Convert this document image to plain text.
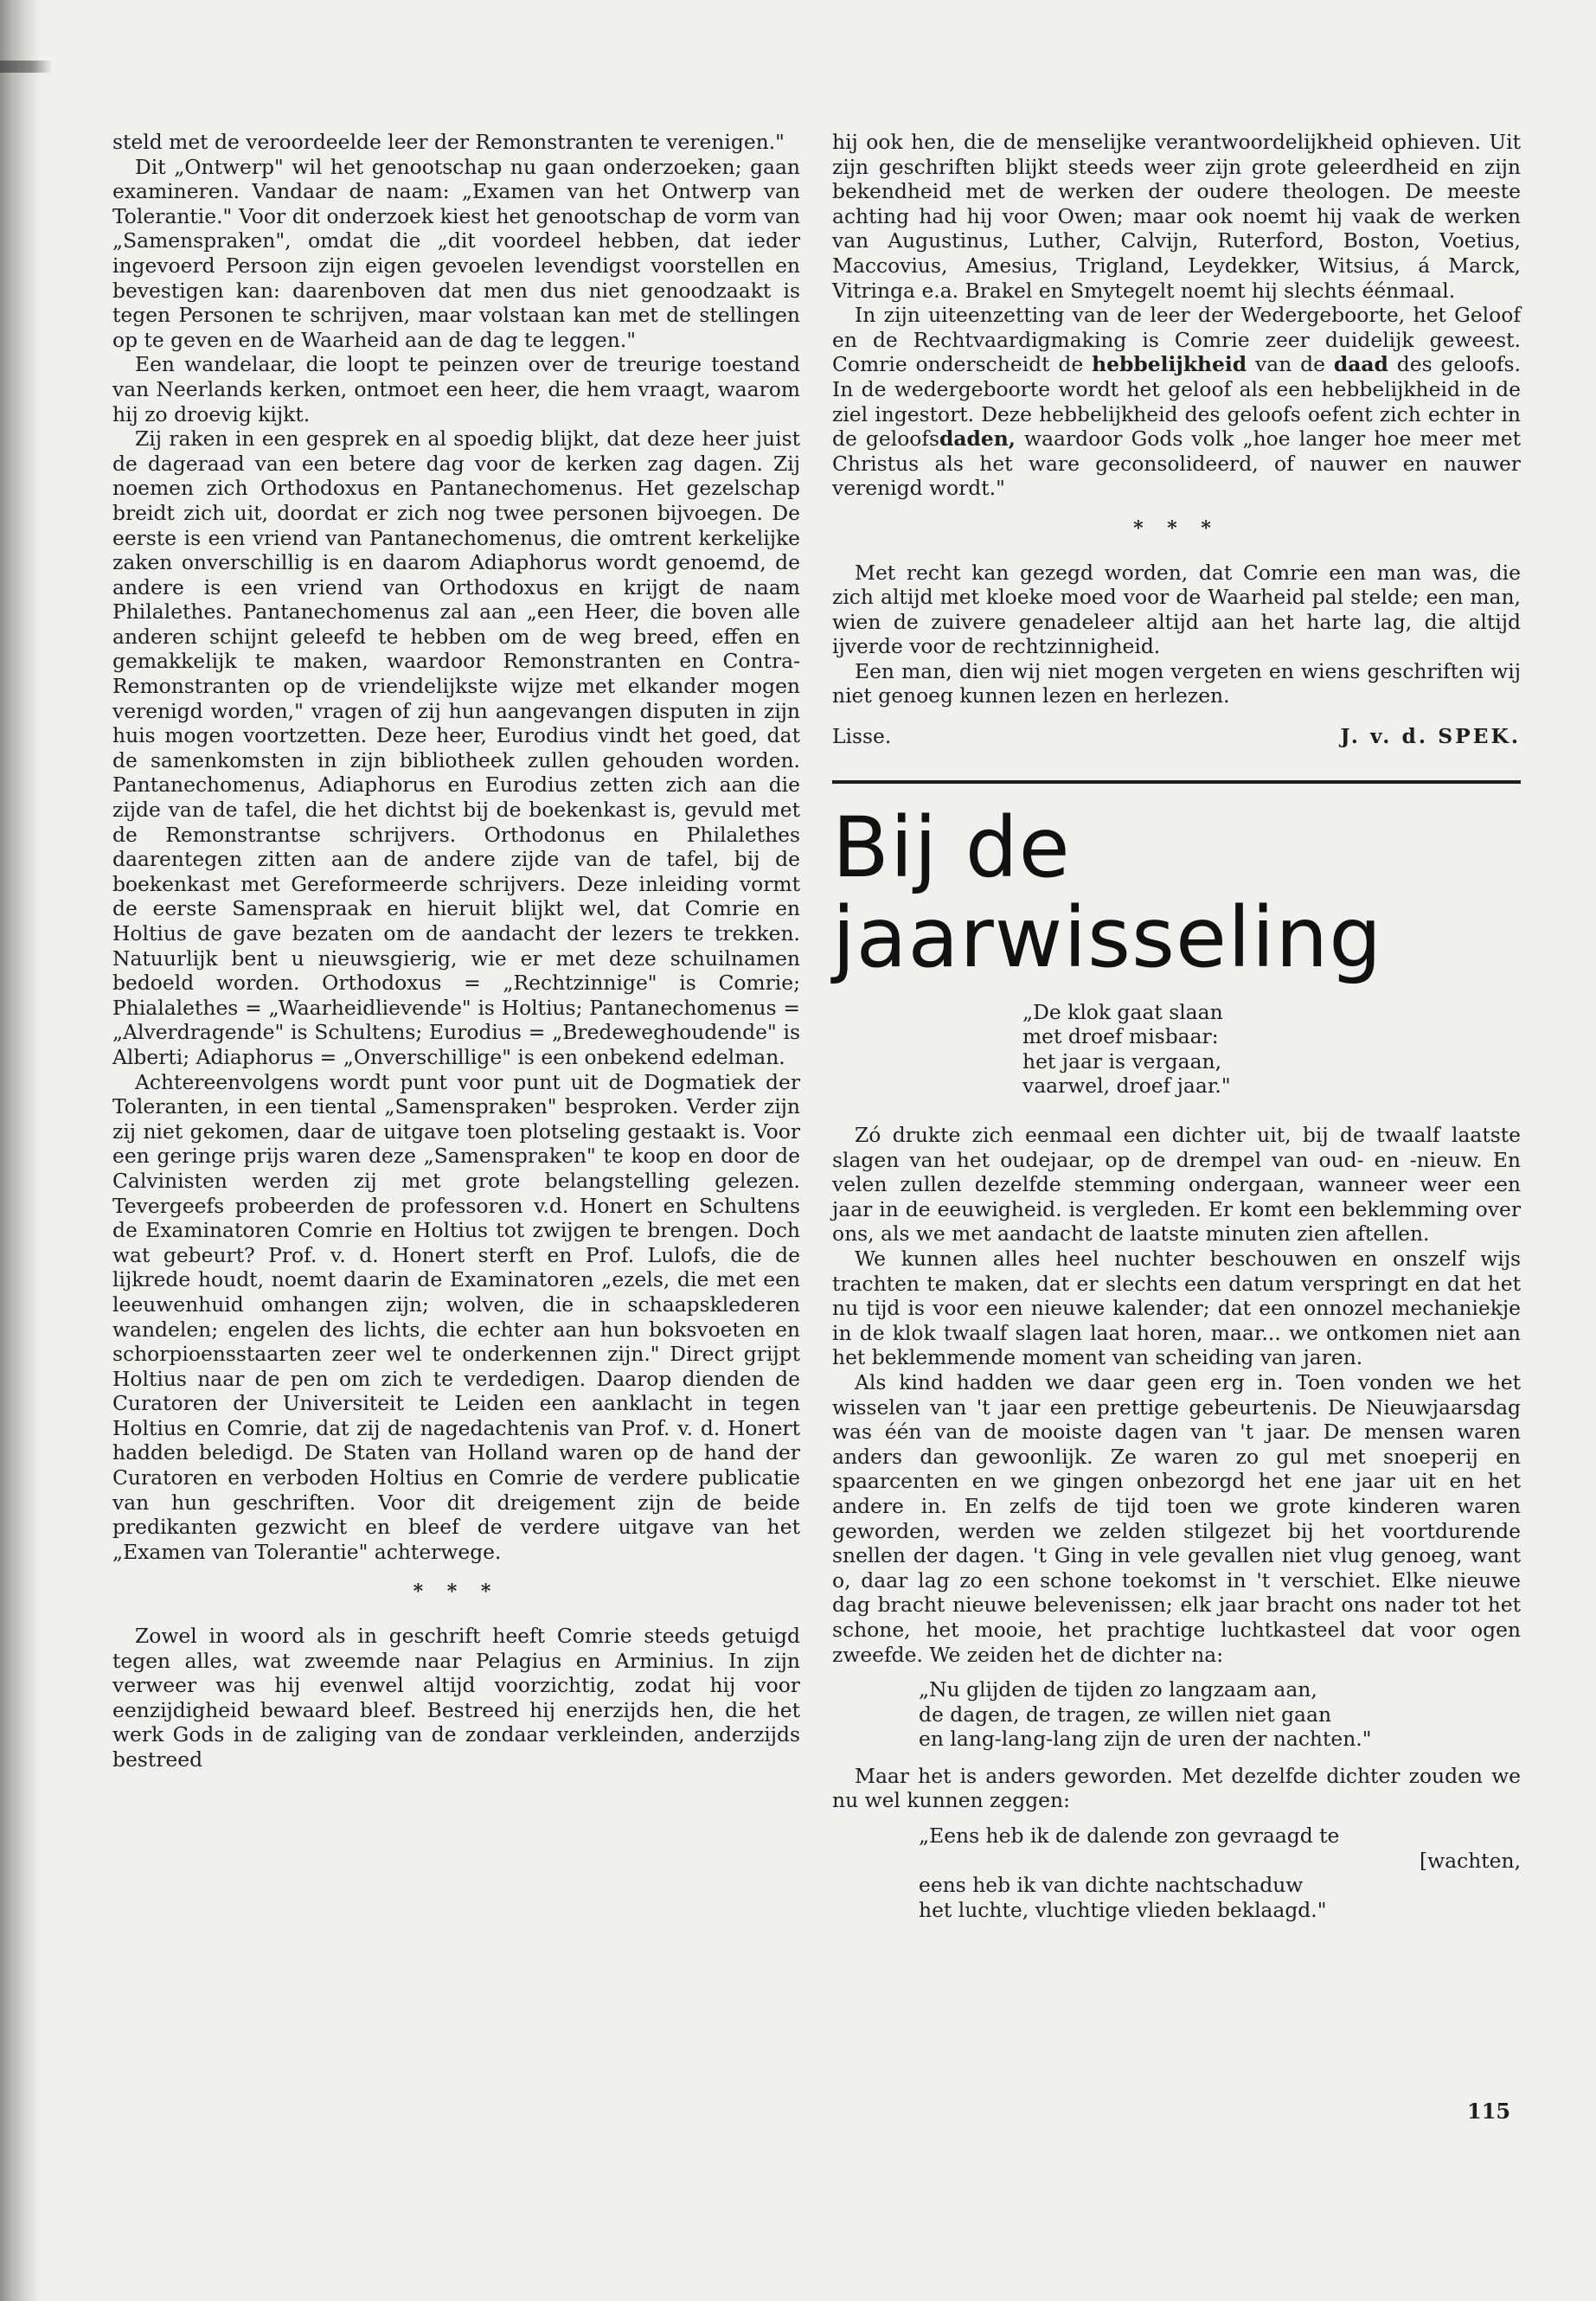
steld met de veroordeelde leer der Remonstranten te verenigen."

Dit „Ontwerp" wil het genootschap nu gaan onderzoeken; gaan examineren. Vandaar de naam: „Examen van het Ontwerp van Tolerantie." Voor dit onderzoek kiest het genootschap de vorm van „Samenspraken", omdat die „dit voordeel hebben, dat ieder ingevoerd Persoon zijn eigen gevoelen levendigst voorstellen en bevestigen kan: daarenboven dat men dus niet genoodzaakt is tegen Personen te schrijven, maar volstaan kan met de stellingen op te geven en de Waarheid aan de dag te leggen."

Een wandelaar, die loopt te peinzen over de treurige toestand van Neerlands kerken, ontmoet een heer, die hem vraagt, waarom hij zo droevig kijkt.

Zij raken in een gesprek en al spoedig blijkt, dat deze heer juist de dageraad van een betere dag voor de kerken zag dagen. Zij noemen zich Orthodoxus en Pantanechomenus. Het gezelschap breidt zich uit, doordat er zich nog twee personen bijvoegen. De eerste is een vriend van Pantanechomenus, die omtrent kerkelijke zaken onverschillig is en daarom Adiaphorus wordt genoemd, de andere is een vriend van Orthodoxus en krijgt de naam Philalethes. Pantanechomenus zal aan „een Heer, die boven alle anderen schijnt geleefd te hebben om de weg breed, effen en gemakkelijk te maken, waardoor Remonstranten en Contra-Remonstranten op de vriendelijkste wijze met elkander mogen verenigd worden," vragen of zij hun aangevangen disputen in zijn huis mogen voortzetten. Deze heer, Eurodius vindt het goed, dat de samenkomsten in zijn bibliotheek zullen gehouden worden. Pantanechomenus, Adiaphorus en Eurodius zetten zich aan die zijde van de tafel, die het dichtst bij de boekenkast is, gevuld met de Remonstrantse schrijvers. Orthodonus en Philalethes daarentegen zitten aan de andere zijde van de tafel, bij de boekenkast met Gereformeerde schrijvers. Deze inleiding vormt de eerste Samenspraak en hieruit blijkt wel, dat Comrie en Holtius de gave bezaten om de aandacht der lezers te trekken. Natuurlijk bent u nieuwsgierig, wie er met deze schuilnamen bedoeld worden. Orthodoxus = „Rechtzinnige" is Comrie; Phialalethes = „Waarheidlievende" is Holtius; Pantanechomenus = „Alverdragende" is Schultens; Eurodius = „Bredeweghoudende" is Alberti; Adiaphorus = „Onverschillige" is een onbekend edelman.

Achtereenvolgens wordt punt voor punt uit de Dogmatiek der Toleranten, in een tiental „Samenspraken" besproken. Verder zijn zij niet gekomen, daar de uitgave toen plotseling gestaakt is. Voor een geringe prijs waren deze „Samenspraken" te koop en door de Calvinisten werden zij met grote belangstelling gelezen. Tevergeefs probeerden de professoren v.d. Honert en Schultens de Examinatoren Comrie en Holtius tot zwijgen te brengen. Doch wat gebeurt? Prof. v. d. Honert sterft en Prof. Lulofs, die de lijkrede houdt, noemt daarin de Examinatoren „ezels, die met een leeuwenhuid omhangen zijn; wolven, die in schaapsklederen wandelen; engelen des lichts, die echter aan hun boksvoeten en schorpioensstaarten zeer wel te onderkennen zijn." Direct grijpt Holtius naar de pen om zich te verdedigen. Daarop dienden de Curatoren der Universiteit te Leiden een aanklacht in tegen Holtius en Comrie, dat zij de nagedachtenis van Prof. v. d. Honert hadden beledigd. De Staten van Holland waren op de hand der Curatoren en verboden Holtius en Comrie de verdere publicatie van hun geschriften. Voor dit dreigement zijn de beide predikanten gezwicht en bleef de verdere uitgave van het „Examen van Tolerantie" achterwege.

* * *

Zowel in woord als in geschrift heeft Comrie steeds getuigd tegen alles, wat zweemde naar Pelagius en Arminius. In zijn verweer was hij evenwel altijd voorzichtig, zodat hij voor eenzijdigheid bewaard bleef. Bestreed hij enerzijds hen, die het werk Gods in de zaliging van de zondaar verkleinden, anderzijds bestreed

hij ook hen, die de menselijke verantwoordelijkheid ophieven. Uit zijn geschriften blijkt steeds weer zijn grote geleerdheid en zijn bekendheid met de werken der oudere theologen. De meeste achting had hij voor Owen; maar ook noemt hij vaak de werken van Augustinus, Luther, Calvijn, Ruterford, Boston, Voetius, Maccovius, Amesius, Trigland, Leydekker, Witsius, á Marck, Vitringa e.a. Brakel en Smytegelt noemt hij slechts éénmaal.

In zijn uiteenzetting van de leer der Wedergeboorte, het Geloof en de Rechtvaardigmaking is Comrie zeer duidelijk geweest. Comrie onderscheidt de hebbelijkheid van de daad des geloofs. In de wedergeboorte wordt het geloof als een hebbelijkheid in de ziel ingestort. Deze hebbelijkheid des geloofs oefent zich echter in de geloofsdaden, waardoor Gods volk „hoe langer hoe meer met Christus als het ware geconsolideerd, of nauwer en nauwer verenigd wordt."

* * *

Met recht kan gezegd worden, dat Comrie een man was, die zich altijd met kloeke moed voor de Waarheid pal stelde; een man, wien de zuivere genadeleer altijd aan het harte lag, die altijd ijverde voor de rechtzinnigheid.

Een man, dien wij niet mogen vergeten en wiens geschriften wij niet genoeg kunnen lezen en herlezen.

Lisse.	J. v. d. SPEK.
Bij de jaarwisseling
„De klok gaat slaan
met droef misbaar:
het jaar is vergaan,
vaarwel, droef jaar."

Zó drukte zich eenmaal een dichter uit, bij de twaalf laatste slagen van het oudejaar, op de drempel van oud- en -nieuw. En velen zullen dezelfde stemming ondergaan, wanneer weer een jaar in de eeuwigheid. is vergleden. Er komt een beklemming over ons, als we met aandacht de laatste minuten zien aftellen.

We kunnen alles heel nuchter beschouwen en onszelf wijs trachten te maken, dat er slechts een datum verspringt en dat het nu tijd is voor een nieuwe kalender; dat een onnozel mechaniekje in de klok twaalf slagen laat horen, maar... we ontkomen niet aan het beklemmende moment van scheiding van jaren.

Als kind hadden we daar geen erg in. Toen vonden we het wisselen van 't jaar een prettige gebeurtenis. De Nieuwjaarsdag was één van de mooiste dagen van 't jaar. De mensen waren anders dan gewoonlijk. Ze waren zo gul met snoeperij en spaarcenten en we gingen onbezorgd het ene jaar uit en het andere in. En zelfs de tijd toen we grote kinderen waren geworden, werden we zelden stilgezet bij het voortdurende snellen der dagen. 't Ging in vele gevallen niet vlug genoeg, want o, daar lag zo een schone toekomst in 't verschiet. Elke nieuwe dag bracht nieuwe belevenissen; elk jaar bracht ons nader tot het schone, het mooie, het prachtige luchtkasteel dat voor ogen zweefde. We zeiden het de dichter na:

„Nu glijden de tijden zo langzaam aan,
de dagen, de tragen, ze willen niet gaan
en lang-lang-lang zijn de uren der nachten."

Maar het is anders geworden. Met dezelfde dichter zouden we nu wel kunnen zeggen:

„Eens heb ik de dalende zon gevraagd te
[wachten,
eens heb ik van dichte nachtschaduw
het luchte, vluchtige vlieden beklaagd."
115
